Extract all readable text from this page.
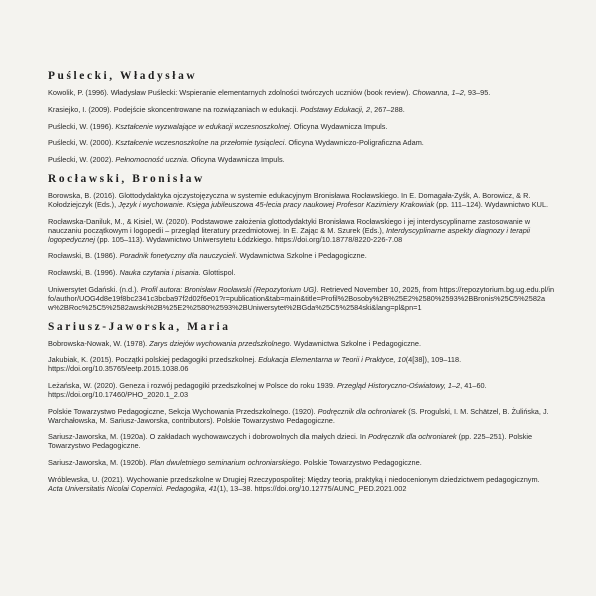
Puślecki, Władysław

Kowolik, P. (1996). Władysław Puślecki: Wspieranie elementarnych zdolności twórczych uczniów (book review). Chowanna, 1–2, 93–95.

Krasiejko, I. (2009). Podejście skoncentrowane na rozwiązaniach w edukacji. Podstawy Edukacji, 2, 267–288.

Puślecki, W. (1996). Kształcenie wyzwalające w edukacji wczesnoszkolnej. Oficyna Wydawnicza Impuls.

Puślecki, W. (2000). Kształcenie wczesnoszkolne na przełomie tysiącleci. Oficyna Wydawniczo-Poligraficzna Adam.

Puślecki, W. (2002). Pełnomocność ucznia. Oficyna Wydawnicza Impuls.

Rocławski, Bronisław

Borowska, B. (2016). Glottodydaktyka ojczystojęzyczna w systemie edukacyjnym Bronisława Rocławskiego. In E. Domagała-Zyśk, A. Borowicz, & R. Kołodziejczyk (Eds.), Język i wychowanie. Księga jubileuszowa 45-lecia pracy naukowej Profesor Kazimiery Krakowiak (pp. 111–124). Wydawnictwo KUL.

Rocławska-Daniluk, M., & Kisiel, W. (2020). Podstawowe założenia glottodydaktyki Bronisława Rocławskiego i jej interdyscyplinarne zastosowanie w nauczaniu początkowym i logopedii – przegląd literatury przedmiotowej. In E. Zając & M. Szurek (Eds.), Interdyscyplinarne aspekty diagnozy i terapii logopedycznej (pp. 105–113). Wydawnictwo Uniwersytetu Łódzkiego. https://doi.org/10.18778/8220-226-7.08

Rocławski, B. (1986). Poradnik fonetyczny dla nauczycieli. Wydawnictwa Szkolne i Pedagogiczne.

Rocławski, B. (1996). Nauka czytania i pisania. Glottispol.

Uniwersytet Gdański. (n.d.). Profil autora: Bronisław Rocławski (Repozytorium UG). Retrieved November 10, 2025, from https://repozytorium.bg.ug.edu.pl/info/author/UOG4d8e19f8bc2341c3bcba97f2d02f6e01?r=publication&tab=main&title=Profil%2Bosoby%2B%25E2%2580%2593%2BBronis%25C5%2582aw%2BRoc%25C5%2582awski%2B%25E2%2580%2593%2BUniwersytet%2BGda%25C5%2584ski&lang=pl&pn=1

Sariusz-Jaworska, Maria

Bobrowska-Nowak, W. (1978). Zarys dziejów wychowania przedszkolnego. Wydawnictwa Szkolne i Pedagogiczne.

Jakubiak, K. (2015). Początki polskiej pedagogiki przedszkolnej. Edukacja Elementarna w Teorii i Praktyce, 10(4[38]), 109–118. https://doi.org/10.35765/eetp.2015.1038.06

Leżańska, W. (2020). Geneza i rozwój pedagogiki przedszkolnej w Polsce do roku 1939. Przegląd Historyczno-Oświatowy, 1–2, 41–60. https://doi.org/10.17460/PHO_2020.1_2.03

Polskie Towarzystwo Pedagogiczne, Sekcja Wychowania Przedszkolnego. (1920). Podręcznik dla ochroniarek (S. Progulski, I. M. Schätzel, B. Żulińska, J. Warchałowska, M. Sariusz-Jaworska, contributors). Polskie Towarzystwo Pedagogiczne.

Sariusz-Jaworska, M. (1920a). O zakładach wychowawczych i dobrowolnych dla małych dzieci. In Podręcznik dla ochroniarek (pp. 225–251). Polskie Towarzystwo Pedagogiczne.

Sariusz-Jaworska, M. (1920b). Plan dwuletniego seminarium ochroniarskiego. Polskie Towarzystwo Pedagogiczne.

Wróblewska, U. (2021). Wychowanie przedszkolne w Drugiej Rzeczypospolitej: Między teorią, praktyką i niedocenionym dziedzictwem pedagogicznym. Acta Universitatis Nicolai Copernici. Pedagogika, 41(1), 13–38. https://doi.org/10.12775/AUNC_PED.2021.002
